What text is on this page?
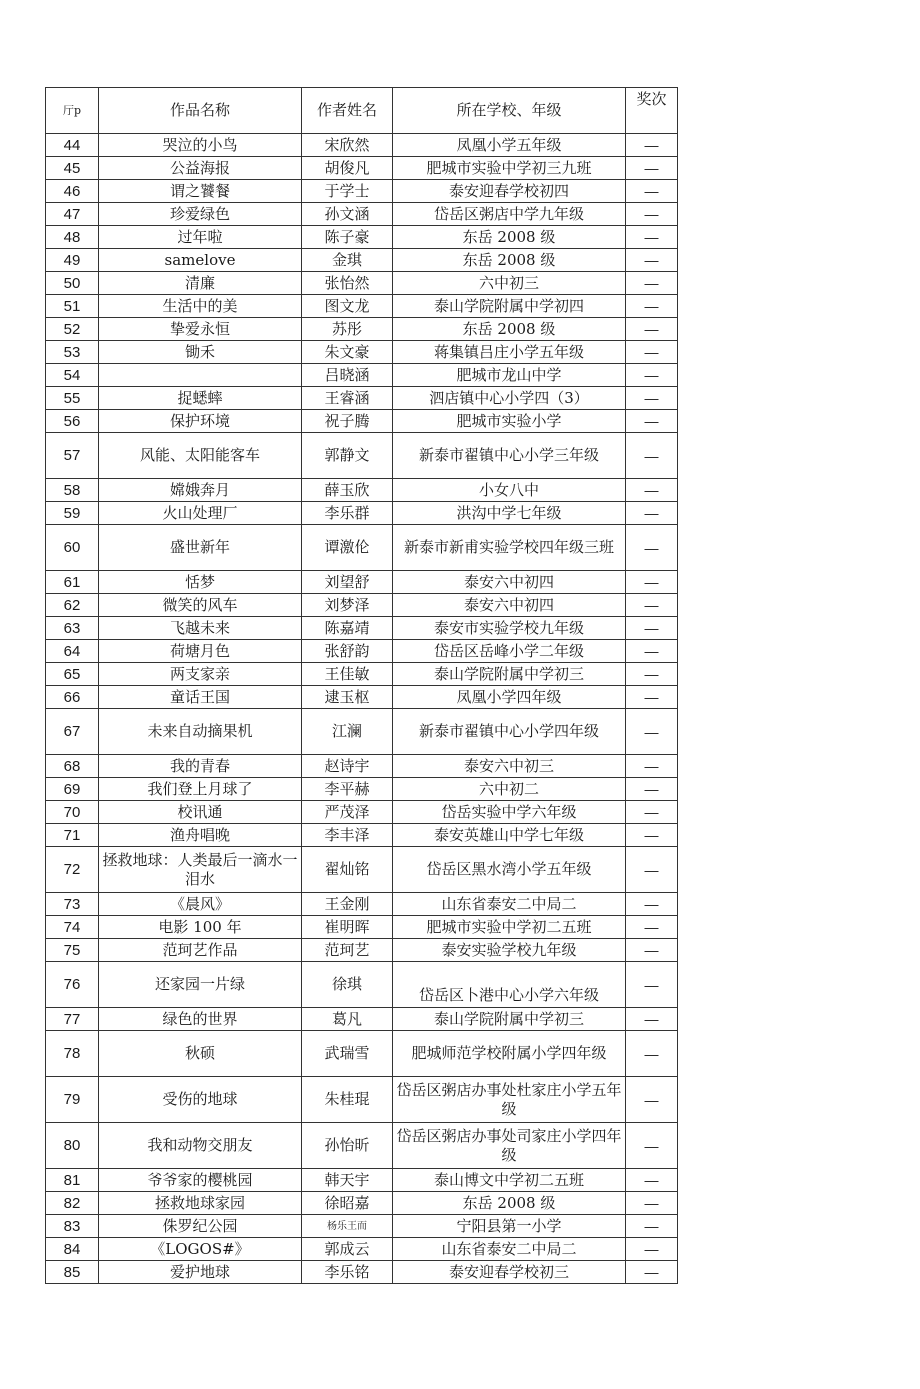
厅p	作品名称	作者姓名	所在学校、年级	奖次
44	哭泣的小鸟	宋欣然	凤凰小学五年级	—
45	公益海报	胡俊凡	肥城市实验中学初三九班	—
46	谓之饕餐	于学士	泰安迎春学校初四	—
47	珍爱绿色	孙文涵	岱岳区粥店中学九年级	—
48	过年啦	陈子豪	东岳 2008 级	—
49	samelove	金琪	东岳 2008 级	—
50	清廉	张怡然	六中初三	—
51	生活中的美	图文龙	泰山学院附属中学初四	—
52	挚爱永恒	苏彤	东岳 2008 级	—
53	锄禾	朱文豪	蒋集镇吕庄小学五年级	—
54		吕晓涵	肥城市龙山中学	—
55	捉蟋蟀	王睿涵	泗店镇中心小学四（3）	—
56	保护环境	祝子腾	肥城市实验小学	—
57	风能、太阳能客车	郭静文	新泰市翟镇中心小学三年级	—
58	嫦娥奔月	薛玉欣	小女八中	—
59	火山处理厂	李乐群	洪沟中学七年级	—
60	盛世新年	谭激伦	新泰市新甫实验学校四年级三班	—
61	恬梦	刘望舒	泰安六中初四	—
62	微笑的风车	刘梦泽	泰安六中初四	—
63	飞越未来	陈嘉靖	泰安市实验学校九年级	—
64	荷塘月色	张舒韵	岱岳区岳峰小学二年级	—
65	两支家亲	王佳敏	泰山学院附属中学初三	—
66	童话王国	逮玉枢	凤凰小学四年级	—
67	未来自动摘果机	江澜	新泰市翟镇中心小学四年级	—
68	我的青春	赵诗宇	泰安六中初三	—
69	我们登上月球了	李平赫	六中初二	—
70	校讯通	严茂泽	岱岳实验中学六年级	—
71	渔舟唱晚	李丰泽	泰安英雄山中学七年级	—
72	拯救地球：人类最后一滴水一泪水	翟灿铭	岱岳区黑水湾小学五年级	—
73	《晨风》	王金刚	山东省泰安二中局二	—
74	电影 100 年	崔明晖	肥城市实验中学初二五班	—
75	范珂艺作品	范珂艺	泰安实验学校九年级	—
76	还家园一片绿	徐琪	岱岳区卜港中心小学六年级	—
77	绿色的世界	葛凡	泰山学院附属中学初三	—
78	秋硕	武瑞雪	肥城师范学校附属小学四年级	—
79	受伤的地球	朱桂琨	岱岳区粥店办事处杜家庄小学五年级	—
80	我和动物交朋友	孙怡昕	岱岳区粥店办事处司家庄小学四年级	—
81	爷爷家的樱桃园	韩天宇	泰山博文中学初二五班	—
82	拯救地球家园	徐昭嘉	东岳 2008 级	—
83	侏罗纪公园	杨乐王而	宁阳县第一小学	—
84	《LOGOS#》	郭成云	山东省泰安二中局二	—
85	爱护地球	李乐铭	泰安迎春学校初三	—
